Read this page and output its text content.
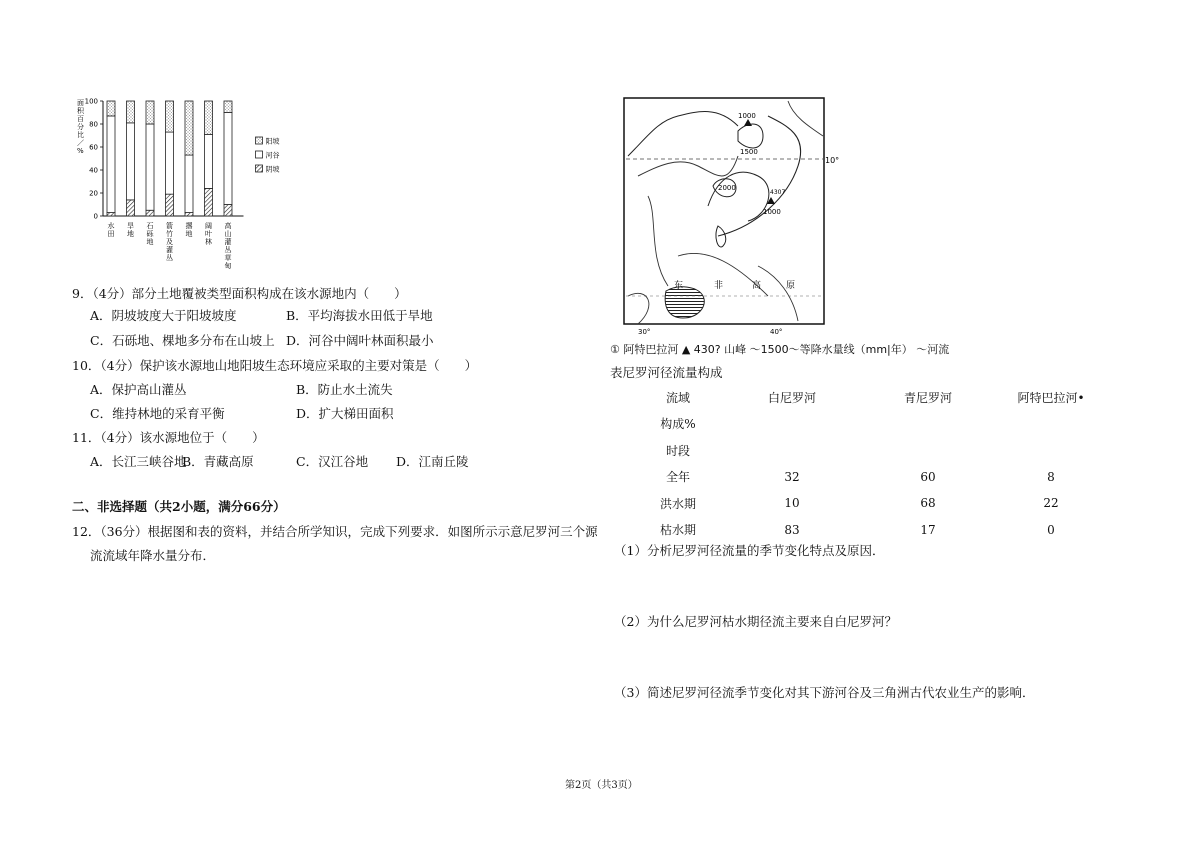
面积百分比／%
0
20
40
60
80
100
水田
旱地
石砾地
箭竹及灌丛
撂地
阔叶林
高山灌丛草甸
阳坡
河谷
阴坡
9．（4分）部分土地覆被类型面积构成在该水源地内（　　）
A．阴坡坡度大于阳坡坡度	B．平均海拔水田低于旱地
C．石砾地、棵地多分布在山坡上 D．河谷中阔叶林面积最小
10．（4分）保护该水源地山地阳坡生态环境应采取的主要对策是（　　）
A．保护高山灌丛	B．防止水土流失
C．维持林地的采育平衡	D．扩大梯田面积
11．（4分）该水源地位于（　　）
A．长江三峡谷地
B．青藏高原	C．汉江谷地 D．江南丘陵
二、非选择题（共2小题，满分66分）
12．（36分）根据图和表的资料，并结合所学知识，完成下列要求．如图所示示意尼罗河三个源
流流域年降水量分布．
1000
1500
2000
1000
4307
10°
30°	40°
东	非	高	原
① 阿特巴拉河 ▲ 430? 山峰 ～1500～等降水量线（mm|年） ～河流
表尼罗河径流量构成
流域	白尼罗河	青尼罗河	阿特巴拉河•
构成%			
时段			
全年	32	60	8
洪水期	10	68	22
枯水期	83	17	0
（1）分析尼罗河径流量的季节变化特点及原因．
（2）为什么尼罗河枯水期径流主要来自白尼罗河？
（3）简述尼罗河径流季节变化对其下游河谷及三角洲古代农业生产的影响．
第2页（共3页）
